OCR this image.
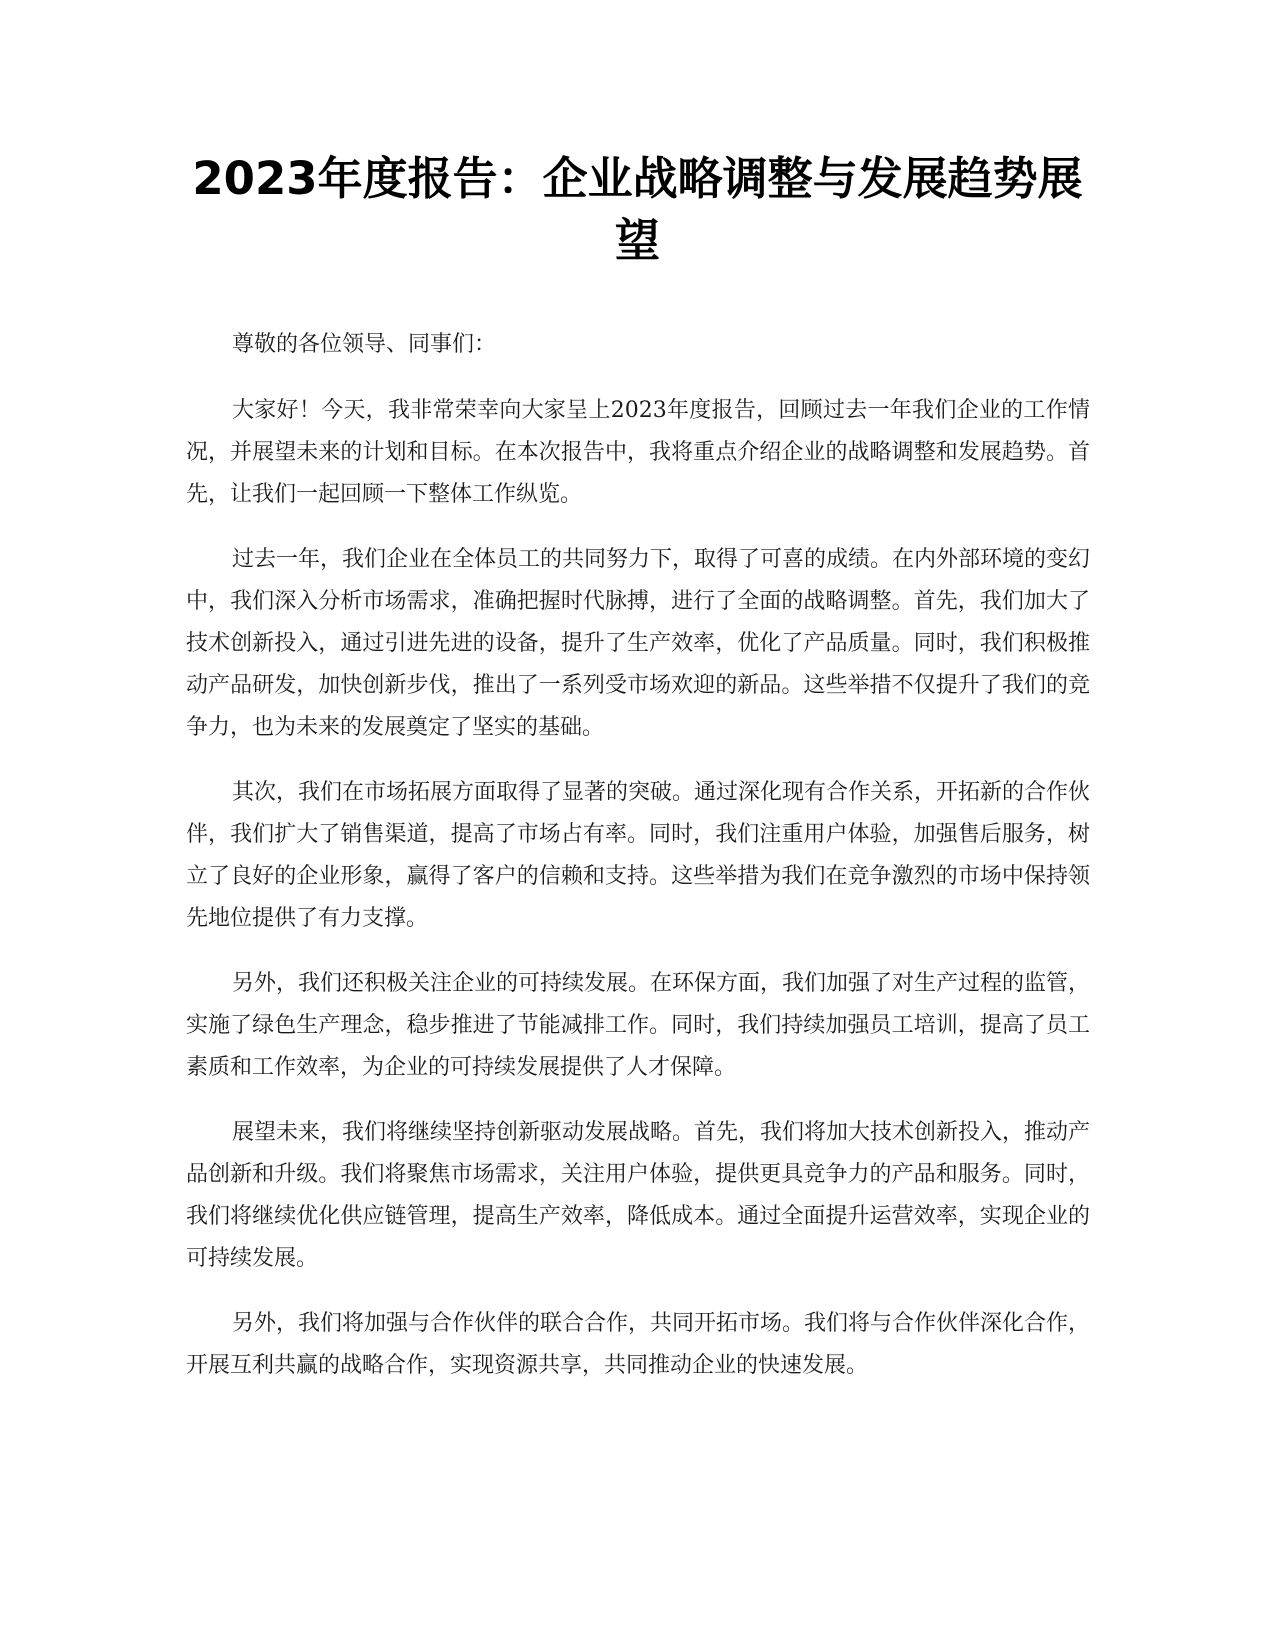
2023年度报告：企业战略调整与发展趋势展望

尊敬的各位领导、同事们：

大家好！今天，我非常荣幸向大家呈上2023年度报告，回顾过去一年我们企业的工作情况，并展望未来的计划和目标。在本次报告中，我将重点介绍企业的战略调整和发展趋势。首先，让我们一起回顾一下整体工作纵览。

过去一年，我们企业在全体员工的共同努力下，取得了可喜的成绩。在内外部环境的变幻中，我们深入分析市场需求，准确把握时代脉搏，进行了全面的战略调整。首先，我们加大了技术创新投入，通过引进先进的设备，提升了生产效率，优化了产品质量。同时，我们积极推动产品研发，加快创新步伐，推出了一系列受市场欢迎的新品。这些举措不仅提升了我们的竞争力，也为未来的发展奠定了坚实的基础。

其次，我们在市场拓展方面取得了显著的突破。通过深化现有合作关系，开拓新的合作伙伴，我们扩大了销售渠道，提高了市场占有率。同时，我们注重用户体验，加强售后服务，树立了良好的企业形象，赢得了客户的信赖和支持。这些举措为我们在竞争激烈的市场中保持领先地位提供了有力支撑。

另外，我们还积极关注企业的可持续发展。在环保方面，我们加强了对生产过程的监管，实施了绿色生产理念，稳步推进了节能减排工作。同时，我们持续加强员工培训，提高了员工素质和工作效率，为企业的可持续发展提供了人才保障。

展望未来，我们将继续坚持创新驱动发展战略。首先，我们将加大技术创新投入，推动产品创新和升级。我们将聚焦市场需求，关注用户体验，提供更具竞争力的产品和服务。同时，我们将继续优化供应链管理，提高生产效率，降低成本。通过全面提升运营效率，实现企业的可持续发展。

另外，我们将加强与合作伙伴的联合合作，共同开拓市场。我们将与合作伙伴深化合作，开展互利共赢的战略合作，实现资源共享，共同推动企业的快速发展。
